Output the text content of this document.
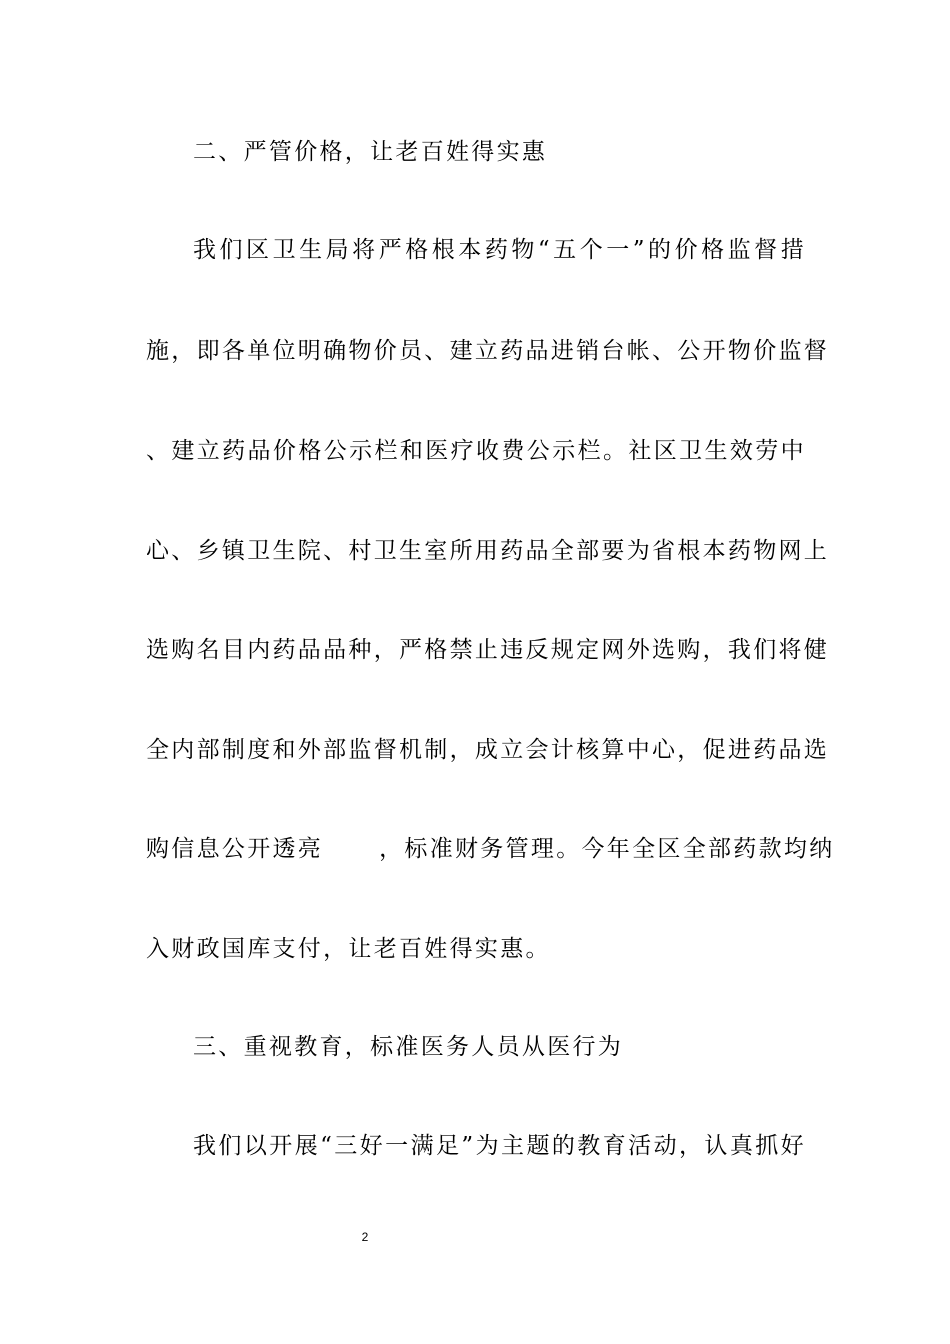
二、严管价格，让老百姓得实惠
我们区卫生局将严格根本药物“五个一”的价格监督措
施，即各单位明确物价员、建立药品进销台帐、公开物价监督
、建立药品价格公示栏和医疗收费公示栏。社区卫生效劳中
心、乡镇卫生院、村卫生室所用药品全部要为省根本药物网上
选购名目内药品品种，严格禁止违反规定网外选购，我们将健
全内部制度和外部监督机制，成立会计核算中心，促进药品选
购信息公开透亮 ，标准财务管理。今年全区全部药款均纳
入财政国库支付，让老百姓得实惠。
三、重视教育，标准医务人员从医行为
我们以开展“三好一满足”为主题的教育活动，认真抓好
2
